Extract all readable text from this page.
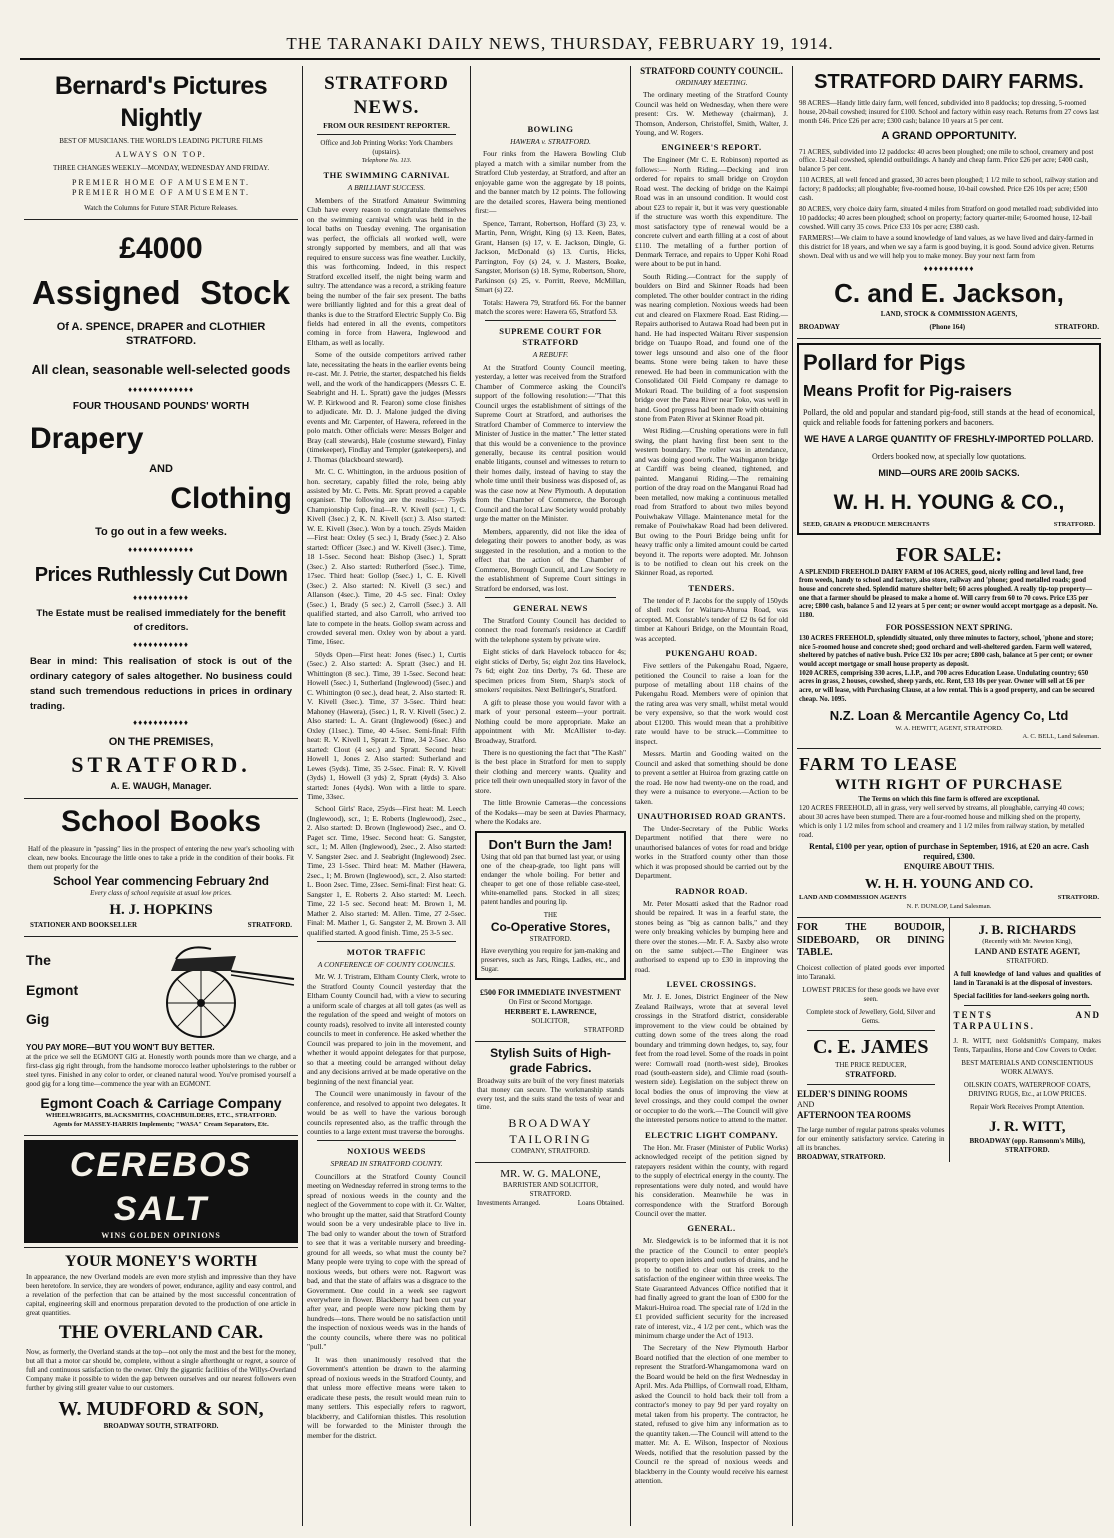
THE TARANAKI DAILY NEWS, THURSDAY, FEBRUARY 19, 1914.
Bernard's Pictures Nightly
BEST OF MUSICIANS. THE WORLD'S LEADING PICTURE FILMS
ALWAYS ON TOP.
THREE CHANGES WEEKLY—MONDAY, WEDNESDAY AND FRIDAY.
PREMIER HOME OF AMUSEMENT.
PREMIER HOME OF AMUSEMENT.
Watch the Columns for Future STAR Picture Releases.
£4000
Assigned Stock
Of A. SPENCE, DRAPER and CLOTHIER
STRATFORD.
All clean, seasonable well-selected goods
♦♦♦♦♦♦♦♦♦♦♦♦♦
FOUR THOUSAND POUNDS' WORTH
Drapery
AND
Clothing
To go out in a few weeks.
♦♦♦♦♦♦♦♦♦♦♦♦♦
Prices Ruthlessly Cut Down
♦♦♦♦♦♦♦♦♦♦♦
The Estate must be realised immediately for the benefit of creditors.
♦♦♦♦♦♦♦♦♦♦♦
Bear in mind: This realisation of stock is out of the ordinary category of sales altogether. No business could stand such tremendous reductions in prices in ordinary trading.
♦♦♦♦♦♦♦♦♦♦♦
ON THE PREMISES,
STRATFORD.
A. E. WAUGH, Manager.
School Books
Half of the pleasure in "passing" lies in the prospect of entering the new year's schooling with clean, new books. Encourage the little ones to take a pride in the condition of their books. Fit them out properly for the
School Year commencing February 2nd
Every class of school requisite at usual low prices.
H. J. HOPKINS
STATIONER AND BOOKSELLER	STRATFORD.
The
Egmont
Gig
YOU PAY MORE—BUT YOU WON'T BUY BETTER.
at the price we sell the EGMONT GIG at. Honestly worth pounds more than we charge, and a first-class gig right through, from the handsome morocco leather upholsterings to the rubber or steel tyres. Finished in any color to order, or cleaned natural wood. You've promised yourself a good gig for a long time—commence the year with an EGMONT.
Egmont Coach & Carriage Company
WHEELWRIGHTS, BLACKSMITHS, COACHBUILDERS, ETC., STRATFORD.
Agents for MASSEY-HARRIS Implements; "WASA" Cream Separators, Etc.
CEREBOS SALT
WINS GOLDEN OPINIONS
YOUR MONEY'S WORTH
In appearance, the new Overland models are even more stylish and impressive than they have been heretofore. In service, they are wonders of power, endurance, agility and easy control, and a revelation of the perfection that can be attained by the most successful concentration of capital, engineering skill and enormous preparation devoted to the production of one article in great quantities.
THE OVERLAND CAR.
Now, as formerly, the Overland stands at the top—not only the most and the best for the money, but all that a motor car should be, complete, without a single afterthought or regret, a source of full and continuous satisfaction to the owner. Only the gigantic facilities of the Willys-Overland Company make it possible to widen the gap between ourselves and our nearest followers even further by giving still greater value to our customers.
W. MUDFORD & SON,
BROADWAY SOUTH, STRATFORD.
STRATFORD NEWS.
FROM OUR RESIDENT REPORTER.
Office and Job Printing Works: York Chambers (upstairs).
Telephone No. 113.
THE SWIMMING CARNIVAL
A BRILLIANT SUCCESS.

Members of the Stratford Amateur Swimming Club have every reason to congratulate themselves on the swimming carnival which was held in the local baths on Tuesday evening. The organisation was perfect, the officials all worked well, were strongly supported by members, and all that was required to ensure success was fine weather. Luckily, this was forthcoming. Indeed, in this respect Stratford excelled itself, the night being warm and sultry. The attendance was a record, a striking feature being the number of the fair sex present. The baths were brilliantly lighted and for this a great deal of thanks is due to the Stratford Electric Supply Co. Big fields had entered in all the events, competitors coming in force from Hawera, Inglewood and Eltham, as well as locally.

Some of the outside competitors arrived rather late, necessitating the heats in the earlier events being re-cast. Mr. J. Petrie, the starter, despatched his fields well, and the work of the handicappers (Messrs C. E. Seabright and H. L. Spratt) gave the judges (Messrs W. P. Kirkwood and R. Fearon) some close finishes to adjudicate. Mr. D. J. Malone judged the diving events and Mr. Carpenter, of Hawera, refereed in the polo match. Other officials were: Messrs Bolger and Bray (call stewards), Hale (costume steward), Finlay (timekeeper), Findlay and Templer (gatekeepers), and J. Thomas (blackboard steward).

Mr. C. C. Whittington, in the arduous position of hon. secretary, capably filled the role, being ably assisted by Mr. C. Petts. Mr. Spratt proved a capable organiser. The following are the results:— 75yds Championship Cup, final—R. V. Kivell (scr.) 1, C. Kivell (3sec.) 2, K. N. Kivell (scr.) 3. Also started: W. E. Kivell (3sec.). Won by a touch. 25yds Maiden—First heat: Oxley (5 sec.) 1, Brady (5sec.) 2. Also started: Officer (3sec.) and W. Kivell (3sec.). Time, 18 1-5sec. Second heat: Bishop (3sec.) 1, Spratt (3sec.) 2. Also started: Rutherford (5sec.). Time, 17sec. Third heat: Gollop (5sec.) 1, C. E. Kivell (3sec.) 2. Also started: N. Kivell (3 sec.) and Allanson (4sec.). Time, 20 4-5 sec. Final: Oxley (5sec.) 1, Brady (5 sec.) 2, Carroll (5sec.) 3. All qualified started, and also Carroll, who arrived too late to compete in the heats. Gollop swam across and crowded several men. Oxley won by about a yard. Time, 16sec.

50yds Open—First heat: Jones (6sec.) 1, Curtis (5sec.) 2. Also started: A. Spratt (3sec.) and H. Whittington (8 sec.). Time, 39 1-5sec. Second heat: Howell (5sec.) 1, Sutherland (Inglewood) (5sec.) and C. Whittington (0 sec.), dead heat, 2. Also started: R. V. Kivell (3sec.). Time, 37 3-5sec. Third heat: Mahoney (Hawera), (5sec.) 1, R. V. Kivell (5sec.) 2. Also started: L. A. Grant (Inglewood) (6sec.) and Oxley (11sec.). Time, 40 4-5sec. Semi-final: Fifth heat: R. V. Kivell 1, Spratt 2. Time, 34 2-5sec. Also started: Clout (4 sec.) and Spratt. Second heat: Howell 1, Jones 2. Also started: Sutherland and Lewes (5yds). Time, 35 2-5sec. Final: R. V. Kivell (3yds) 1, Howell (3 yds) 2, Spratt (4yds) 3. Also started: Jones (4yds). Won with a little to spare. Time, 33sec.

School Girls' Race, 25yds—First heat: M. Leech (Inglewood), scr., 1; E. Roberts (Inglewood), 2sec., 2. Also started: D. Brown (Inglewood) 2sec., and O. Paget scr. Time, 19sec. Second heat: G. Sangster, scr., 1; M. Allen (Inglewood), 2sec., 2. Also started: V. Sangster 2sec. and J. Seabright (Inglewood) 2sec. Time, 23 1-5sec. Third heat: M. Mather (Hawera, 2sec., 1; M. Brown (Inglewood), scr., 2. Also started: L. Boon 2sec. Time, 23sec. Semi-final: First heat: G. Sangster 1, E. Roberts 2. Also started: M. Leech. Time, 22 1-5 sec. Second heat: M. Brown 1, M. Mather 2. Also started: M. Allen. Time, 27 2-5sec. Final: M. Mather 1, G. Sangster 2, M. Brown 3. All qualified started. A good finish. Time, 25 3-5 sec.

MOTOR TRAFFIC
A CONFERENCE OF COUNTY COUNCILS.

Mr. W. J. Tristram, Eltham County Clerk, wrote to the Stratford County Council yesterday that the Eltham County Council had, with a view to securing a uniform scale of charges at all toll gates (as well as the regulation of the speed and weight of motors on county roads), resolved to invite all interested county councils to meet in conference. He asked whether the Council was prepared to join in the movement, and whether it would appoint delegates for that purpose, so that a meeting could be arranged without delay and any decisions arrived at be made operative on the beginning of the next financial year.

The Council were unanimously in favour of the conference, and resolved to appoint two delegates. It would be as well to have the various borough councils represented also, as the traffic through the counties to a large extent must traverse the boroughs.

NOXIOUS WEEDS
SPREAD IN STRATFORD COUNTY.

Councillors at the Stratford County Council meeting on Wednesday referred in strong terms to the spread of noxious weeds in the county and the neglect of the Government to cope with it. Cr. Walter, who brought up the matter, said that Stratford County would soon be a very undesirable place to live in. The bad only to wander about the town of Stratford to see that it was a veritable nursery and breeding-ground for all weeds, so what must the county be? Many people were trying to cope with the spread of noxious weeds, but others were not. Ragwort was bad, and that the state of affairs was a disgrace to the Government. One could in a week see ragwort everywhere in flower. Blackberry had been cut year after year, and people were now picking them by hundreds—tons. There would be no satisfaction until the inspection of noxious weeds was in the hands of the county councils, where there was no political "pull."

It was then unanimously resolved that the Government's attention be drawn to the alarming spread of noxious weeds in the Stratford County, and that unless more effective means were taken to eradicate these pests, the result would mean ruin to many settlers. This especially refers to ragwort, blackberry, and Californian thistles. This resolution will be forwarded to the Minister through the member for the district.

BOWLING
HAWERA v. STRATFORD.

Four rinks from the Hawera Bowling Club played a match with a similar number from the Stratford Club yesterday, at Stratford, and after an enjoyable game won the aggregate by 18 points, and the banner match by 12 points. The following are the detailed scores, Hawera being mentioned first:—

Spence, Tarrant, Robertson, Hoffard (3) 23, v. Martin, Penn, Wright, King (s) 13. Keen, Bates, Grant, Hansen (s) 17, v. E. Jackson, Dingle, G. Jackson, McDonald (s) 13. Curtis, Hicks, Parrington, Foy (s) 24, v. J. Masters, Boake, Sangster, Morison (s) 18. Syme, Robertson, Shore, Parkinson (s) 25, v. Porritt, Reeve, McMillan, Smart (s) 22.

Totals: Hawera 79, Stratford 66. For the banner match the scores were: Hawera 65, Stratford 53.

SUPREME COURT FOR STRATFORD
A REBUFF.

At the Stratford County Council meeting, yesterday, a letter was received from the Stratford Chamber of Commerce asking the Council's support of the following resolution:—"That this Council urges the establishment of sittings of the Supreme Court at Stratford, and authorises the Stratford Chamber of Commerce to interview the Minister of Justice in the matter." The letter stated that this would be a convenience to the province generally, because its central position would enable litigants, counsel and witnesses to return to their homes daily, instead of having to stay the whole time until their business was disposed of, as was the case now at New Plymouth. A deputation from the Chamber of Commerce, the Borough Council and the local Law Society would probably urge the matter on the Minister.

Members, apparently, did not like the idea of delegating their powers to another body, as was suggested in the resolution, and a motion to the effect that the action of the Chamber of Commerce, Borough Council, and Law Society re the establishment of Supreme Court sittings in Stratford be endorsed, was lost.

GENERAL NEWS

The Stratford County Council has decided to connect the road foreman's residence at Cardiff with the telephone system by private wire.

Eight sticks of dark Havelock tobacco for 4s; eight sticks of Derby, 5s; eight 2oz tins Havelock, 7s 6d; eight 2oz tins Derby, 7s 6d. These are specimen prices from Stem, Sharp's stock of smokers' requisites. Next Bellringer's, Stratford.

A gift to please those you would favor with a mark of your personal esteem—your portrait. Nothing could be more appropriate. Make an appointment with Mr. McAllister to-day. Broadway, Stratford.

There is no questioning the fact that "The Kash" is the best place in Stratford for men to supply their clothing and mercery wants. Quality and price tell their own unequalled story in favor of the store.

The little Brownie Cameras—the concessions of the Kodaks—may be seen at Davies Pharmacy, where the Kodaks are.

Don't Burn the Jam!
Using that old pan that burned last year, or using one of the cheap-grade, too light pans will endanger the whole boiling. For better and cheaper to get one of those reliable case-steel, white-enamelled pans. Stocked in all sizes; patent handles and pouring lip.
THE
Co-Operative Stores,
STRATFORD.
Have everything you require for jam-making and preserves, such as Jars, Rings, Ladles, etc., and Sugar.
£500 FOR IMMEDIATE INVESTMENT
On First or Second Mortgage.
HERBERT E. LAWRENCE,
SOLICITOR,
STRATFORD
Stylish Suits of High-grade Fabrics.
Broadway suits are built of the very finest materials that money can secure. The workmanship stands every test, and the suits stand the tests of wear and time.
BROADWAY TAILORING
COMPANY, STRATFORD.
MR. W. G. MALONE,
BARRISTER AND SOLICITOR,
STRATFORD.
Investments Arranged.	Loans Obtained.
STRATFORD COUNTY COUNCIL.
ORDINARY MEETING.

The ordinary meeting of the Stratford County Council was held on Wednesday, when there were present: Crs. W. Metheway (chairman), J. Thomson, Anderson, Christoffel, Smith, Walter, J. Young, and W. Rogers.

ENGINEER'S REPORT.

The Engineer (Mr C. E. Robinson) reported as follows:— North Riding.—Decking and iron ordered for repairs to small bridge on Croydon Road west. The decking of bridge on the Kaimpi Road was in an unsound condition. It would cost about £23 to repair it, but it was very questionable if the structure was worth this expenditure. The most satisfactory type of renewal would be a concrete culvert and earth filling at a cost of about £110. The metalling of a further portion of Denmark Terrace, and repairs to Upper Kohi Road were about to be put in hand.

South Riding.—Contract for the supply of boulders on Bird and Skinner Roads had been completed. The other boulder contract in the riding was nearing completion. Noxious weeds had been cut and cleared on Flaxmere Road. East Riding.—Repairs authorised to Autawa Road had been put in hand. He had inspected Waitaru River suspension bridge on Tuaupo Road, and found one of the tower legs unsound and also one of the floor beams. Stone were being taken to have these renewed. He had been in communication with the Consolidated Oil Field Company re damage to Mokuri Road. The building of a foot suspension bridge over the Patea River near Toko, was well in hand. Good progress had been made with obtaining stone from Paten River at Skinner Road pit.

West Riding.—Crushing operations were in full swing, the plant having first been sent to the western boundary. The roller was in attendance, and was doing good work. The Waihuganon bridge at Cardiff was being cleaned, tightened, and painted. Manganui Riding.—The remaining portion of the dray road on the Manganui Road had been metalled, now making a continuous metalled road from Stratford to about two miles beyond Pouiwhakaw Village. Maintenance metal for the remake of Pouiwhakaw Road had been delivered. But owing to the Pouri Bridge being unfit for heavy traffic only a limited amount could be carted beyond it. The reports were adopted. Mr. Johnson is to be notified to clean out his creek on the Skinner Road, as reported.

TENDERS.

The tender of P. Jacobs for the supply of 150yds of shell rock for Waitaru-Ahuroa Road, was accepted. M. Constable's tender of £2 0s 6d for old timber at Kahouri Bridge, on the Mountain Road, was accepted.

PUKENGAHU ROAD.

Five settlers of the Pukengahu Road, Ngaere, petitioned the Council to raise a loan for the purpose of metalling about 118 chains of the Pukengahu Road. Members were of opinion that the rating area was very small, whilst metal would be very expensive, so that the work would cost about £1200. This would mean that a prohibitive rate would have to be struck.—Committee to inspect.

Messrs. Martin and Gooding waited on the Council and asked that something should be done to prevent a settler at Huiroa from grazing cattle on the road. He now had twenty-one on the road, and they were a nuisance to everyone.—Action to be taken.

UNAUTHORISED ROAD GRANTS.

The Under-Secretary of the Public Works Department notified that there were no unauthorised balances of votes for road and bridge works in the Stratford county other than those which it was proposed should be carried out by the Department.

RADNOR ROAD.

Mr. Peter Mosatti asked that the Radnor road should be repaired. It was in a fearful state, the stones being as "big as cannon balls," and they were only breaking vehicles by bumping here and there over the stones.—Mr. F. A. Saxby also wrote on the same subject.—The Engineer was authorised to expend up to £30 in improving the road.

LEVEL CROSSINGS.

Mr. J. E. Jones, District Engineer of the New Zealand Railways, wrote that at several level crossings in the Stratford district, considerable improvement to the view could be obtained by cutting down some of the trees along the road boundary and trimming down hedges, to, say, four feet from the road level. Some of the roads in point were: Cornwall road (north-west side), Brookes road (south-eastern side), and Climie road (south-western side). Legislation on the subject threw on local bodies the onus of improving the view at level crossings, and they could compel the owner or occupier to do the work.—The Council will give the interested persons notice to attend to the matter.

ELECTRIC LIGHT COMPANY.

The Hon. Mr. Fraser (Minister of Public Works) acknowledged receipt of the petition signed by ratepayers resident within the county, with regard to the supply of electrical energy in the county. The representations were duly noted, and would have his consideration. Meanwhile he was in correspondence with the Stratford Borough Council over the matter.

GENERAL.

Mr. Sledgewick is to be informed that it is not the practice of the Council to enter people's property to open inlets and outlets of drains, and he is to be notified to clear out his creek to the satisfaction of the engineer within three weeks. The State Guaranteed Advances Office notified that it had finally agreed to grant the loan of £300 for the Makuri-Huiroa road. The special rate of 1/2d in the £1 provided sufficient security for the increased rate of interest, viz., 4 1/2 per cent., which was the minimum charge under the Act of 1913.

The Secretary of the New Plymouth Harbor Board notified that the election of one member to represent the Stratford-Whangamomona ward on the Board would be held on the first Wednesday in April. Mrs. Ada Phillips, of Cornwall road, Eltham, asked the Council to hold back their toll from a contractor's money to pay 9d per yard royalty on metal taken from his property. The contractor, he stated, refused to give him any information as to the quantity taken.—The Council will attend to the matter. Mr. A. E. Wilson, Inspector of Noxious Weeds, notified that the resolution passed by the Council re the spread of noxious weeds and blackberry in the County would receive his earnest attention.

STRATFORD DAIRY FARMS.
98 ACRES—Handy little dairy farm, well fenced, subdivided into 8 paddocks; top dressing, 5-roomed house, 20-bail cowshed; insured for £100. School and factory within easy reach. Returns from 27 cows last month £46. Price £26 per acre; £300 cash; balance 10 years at 5 per cent.
A GRAND OPPORTUNITY.
71 ACRES, subdivided into 12 paddocks: 40 acres been ploughed; one mile to school, creamery and post office. 12-bail cowshed, splendid outbuildings. A handy and cheap farm. Price £26 per acre; £400 cash, balance 5 per cent.
110 ACRES, all well fenced and grassed, 30 acres been ploughed; 1 1/2 mile to school, railway station and factory; 8 paddocks; all ploughable; five-roomed house, 10-bail cowshed. Price £26 10s per acre; £500 cash.
80 ACRES, very choice dairy farm, situated 4 miles from Stratford on good metalled road; subdivided into 10 paddocks; 40 acres been ploughed; school on property; factory quarter-mile; 6-roomed house, 12-bail cowshed. Will carry 35 cows. Price £33 10s per acre; £380 cash.
FARMERS!—We claim to have a sound knowledge of land values, as we have lived and dairy-farmed in this district for 18 years, and when we say a farm is good buying, it is good. Sound advice given. Returns shown. Deal with us and we will help you to make money. Buy your next farm from
♦♦♦♦♦♦♦♦♦♦
C. and E. Jackson,
LAND, STOCK & COMMISSION AGENTS,
BROADWAY	(Phone 164)	STRATFORD.
Pollard for Pigs
Means Profit for Pig-raisers
Pollard, the old and popular and standard pig-food, still stands at the head of economical, quick and reliable foods for fattening porkers and baconers.
WE HAVE A LARGE QUANTITY OF FRESHLY-IMPORTED POLLARD.
Orders booked now, at specially low quotations.
MIND—OURS ARE 200lb SACKS.
W. H. H. YOUNG & CO.,
SEED, GRAIN & PRODUCE MERCHANTS	STRATFORD.
FOR SALE:
A SPLENDID FREEHOLD DAIRY FARM of 106 ACRES, good, nicely rolling and level land, free from weeds, handy to school and factory, also store, railway and 'phone; good metalled roads; good house and concrete shed. Splendid mature shelter belt; 60 acres ploughed. A really tip-top property—one that a farmer should be pleased to make a home of. Will carry from 60 to 70 cows. Price £35 per acre; £800 cash, balance 5 and 12 years at 5 per cent; or owner would accept mortgage as a deposit. No. 1180.
FOR POSSESSION NEXT SPRING.
130 ACRES FREEHOLD, splendidly situated, only three minutes to factory, school, 'phone and store; nice 5-roomed house and concrete shed; good orchard and well-sheltered garden. Farm well watered, sheltered by patches of native bush. Price £32 10s per acre; £800 cash, balance at 5 per cent; or owner would accept mortgage or small house property as deposit.
1020 ACRES, comprising 330 acres, L.I.P., and 700 acres Education Lease. Undulating country; 650 acres in grass, 2 houses, cowshed, sheep yards, etc. Rent, £33 10s per year. Owner will sell at £6 per acre, or will lease, with Purchasing Clause, at a low rental. This is a good property, and can be secured cheap. No. 1095.
N.Z. Loan & Mercantile Agency Co, Ltd
W. A. HEWITT, AGENT, STRATFORD.
A. C. BELL, Land Salesman.
FARM TO LEASE
WITH RIGHT OF PURCHASE
The Terms on which this fine farm is offered are exceptional.
120 ACRES FREEHOLD, all in grass, very well served by streams, all ploughable, carrying 40 cows; about 30 acres have been stumped. There are a four-roomed house and milking shed on the property, which is only 1 1/2 miles from school and creamery and 1 1/2 miles from railway station, by metalled road.
Rental, £100 per year, option of purchase in September, 1916, at £20 an acre. Cash required, £300.
ENQUIRE ABOUT THIS.
W. H. H. YOUNG AND CO.
LAND AND COMMISSION AGENTS	STRATFORD.
N. F. DUNLOP, Land Salesman.
FOR THE BOUDOIR, SIDEBOARD, OR DINING TABLE.
Choicest collection of plated goods ever imported into Taranaki.
LOWEST PRICES for these goods we have ever seen.
Complete stock of Jewellery, Gold, Silver and Gems.
C. E. JAMES
THE PRICE REDUCER,
STRATFORD.
ELDER'S DINING ROOMS
AND
AFTERNOON TEA ROOMS
The large number of regular patrons speaks volumes for our eminently satisfactory service. Catering in all its branches.
BROADWAY, STRATFORD.
J. B. RICHARDS
(Recently with Mr. Newton King),
LAND AND ESTATE AGENT,
STRATFORD.
A full knowledge of land values and qualities of land in Taranaki is at the disposal of investors.
Special facilities for land-seekers going north.
TENTS AND TARPAULINS.
J. R. WITT, next Goldsmith's Company, makes Tents, Tarpaulins, Horse and Cow Covers to Order.
BEST MATERIALS AND CONSCIENTIOUS WORK ALWAYS.
OILSKIN COATS, WATERPROOF COATS, DRIVING RUGS, Etc., at LOW PRICES.
Repair Work Receives Prompt Attention.
J. R. WITT,
BROADWAY (opp. Ramsonm's Mills), STRATFORD.
